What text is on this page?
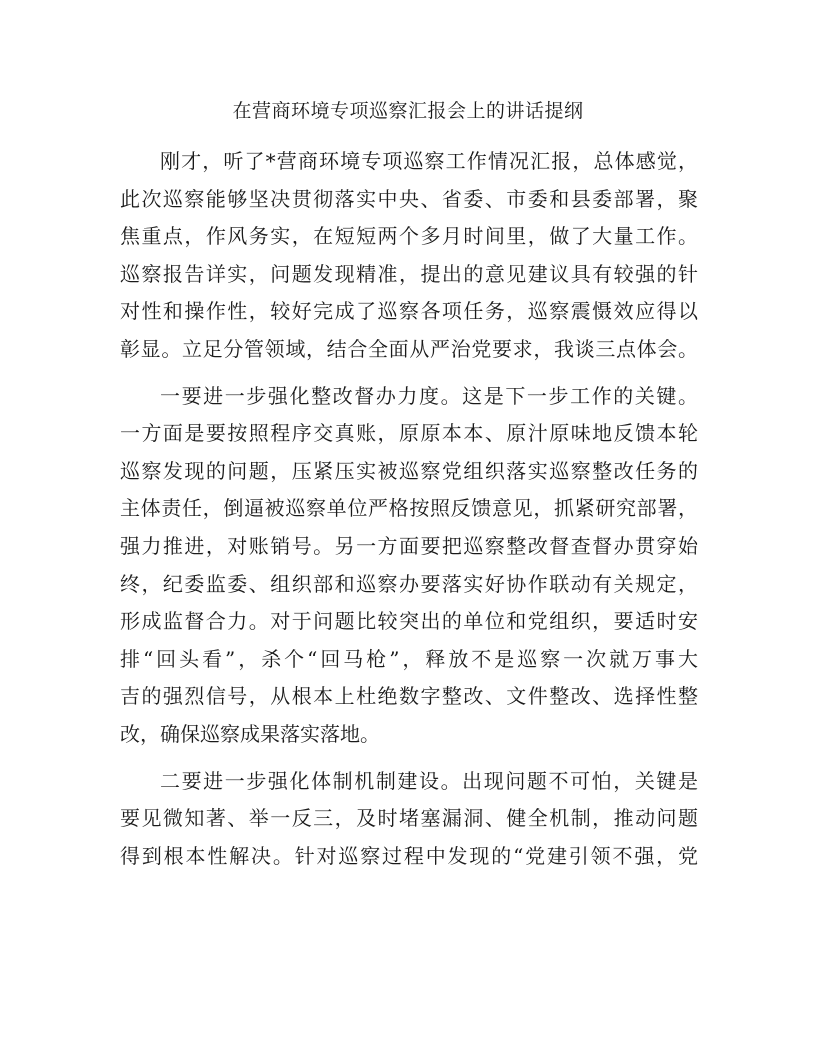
在营商环境专项巡察汇报会上的讲话提纲
刚才，听了*营商环境专项巡察工作情况汇报，总体感觉，
此次巡察能够坚决贯彻落实中央、省委、市委和县委部署，聚
焦重点，作风务实，在短短两个多月时间里，做了大量工作。
巡察报告详实，问题发现精准，提出的意见建议具有较强的针
对性和操作性，较好完成了巡察各项任务，巡察震慑效应得以
彰显。立足分管领域，结合全面从严治党要求，我谈三点体会。
一要进一步强化整改督办力度。这是下一步工作的关键。
一方面是要按照程序交真账，原原本本、原汁原味地反馈本轮
巡察发现的问题，压紧压实被巡察党组织落实巡察整改任务的
主体责任，倒逼被巡察单位严格按照反馈意见，抓紧研究部署，
强力推进，对账销号。另一方面要把巡察整改督查督办贯穿始
终，纪委监委、组织部和巡察办要落实好协作联动有关规定，
形成监督合力。对于问题比较突出的单位和党组织，要适时安
排“回头看”，杀个“回马枪”，释放不是巡察一次就万事大
吉的强烈信号，从根本上杜绝数字整改、文件整改、选择性整
改，确保巡察成果落实落地。
二要进一步强化体制机制建设。出现问题不可怕，关键是
要见微知著、举一反三，及时堵塞漏洞、健全机制，推动问题
得到根本性解决。针对巡察过程中发现的“党建引领不强，党
